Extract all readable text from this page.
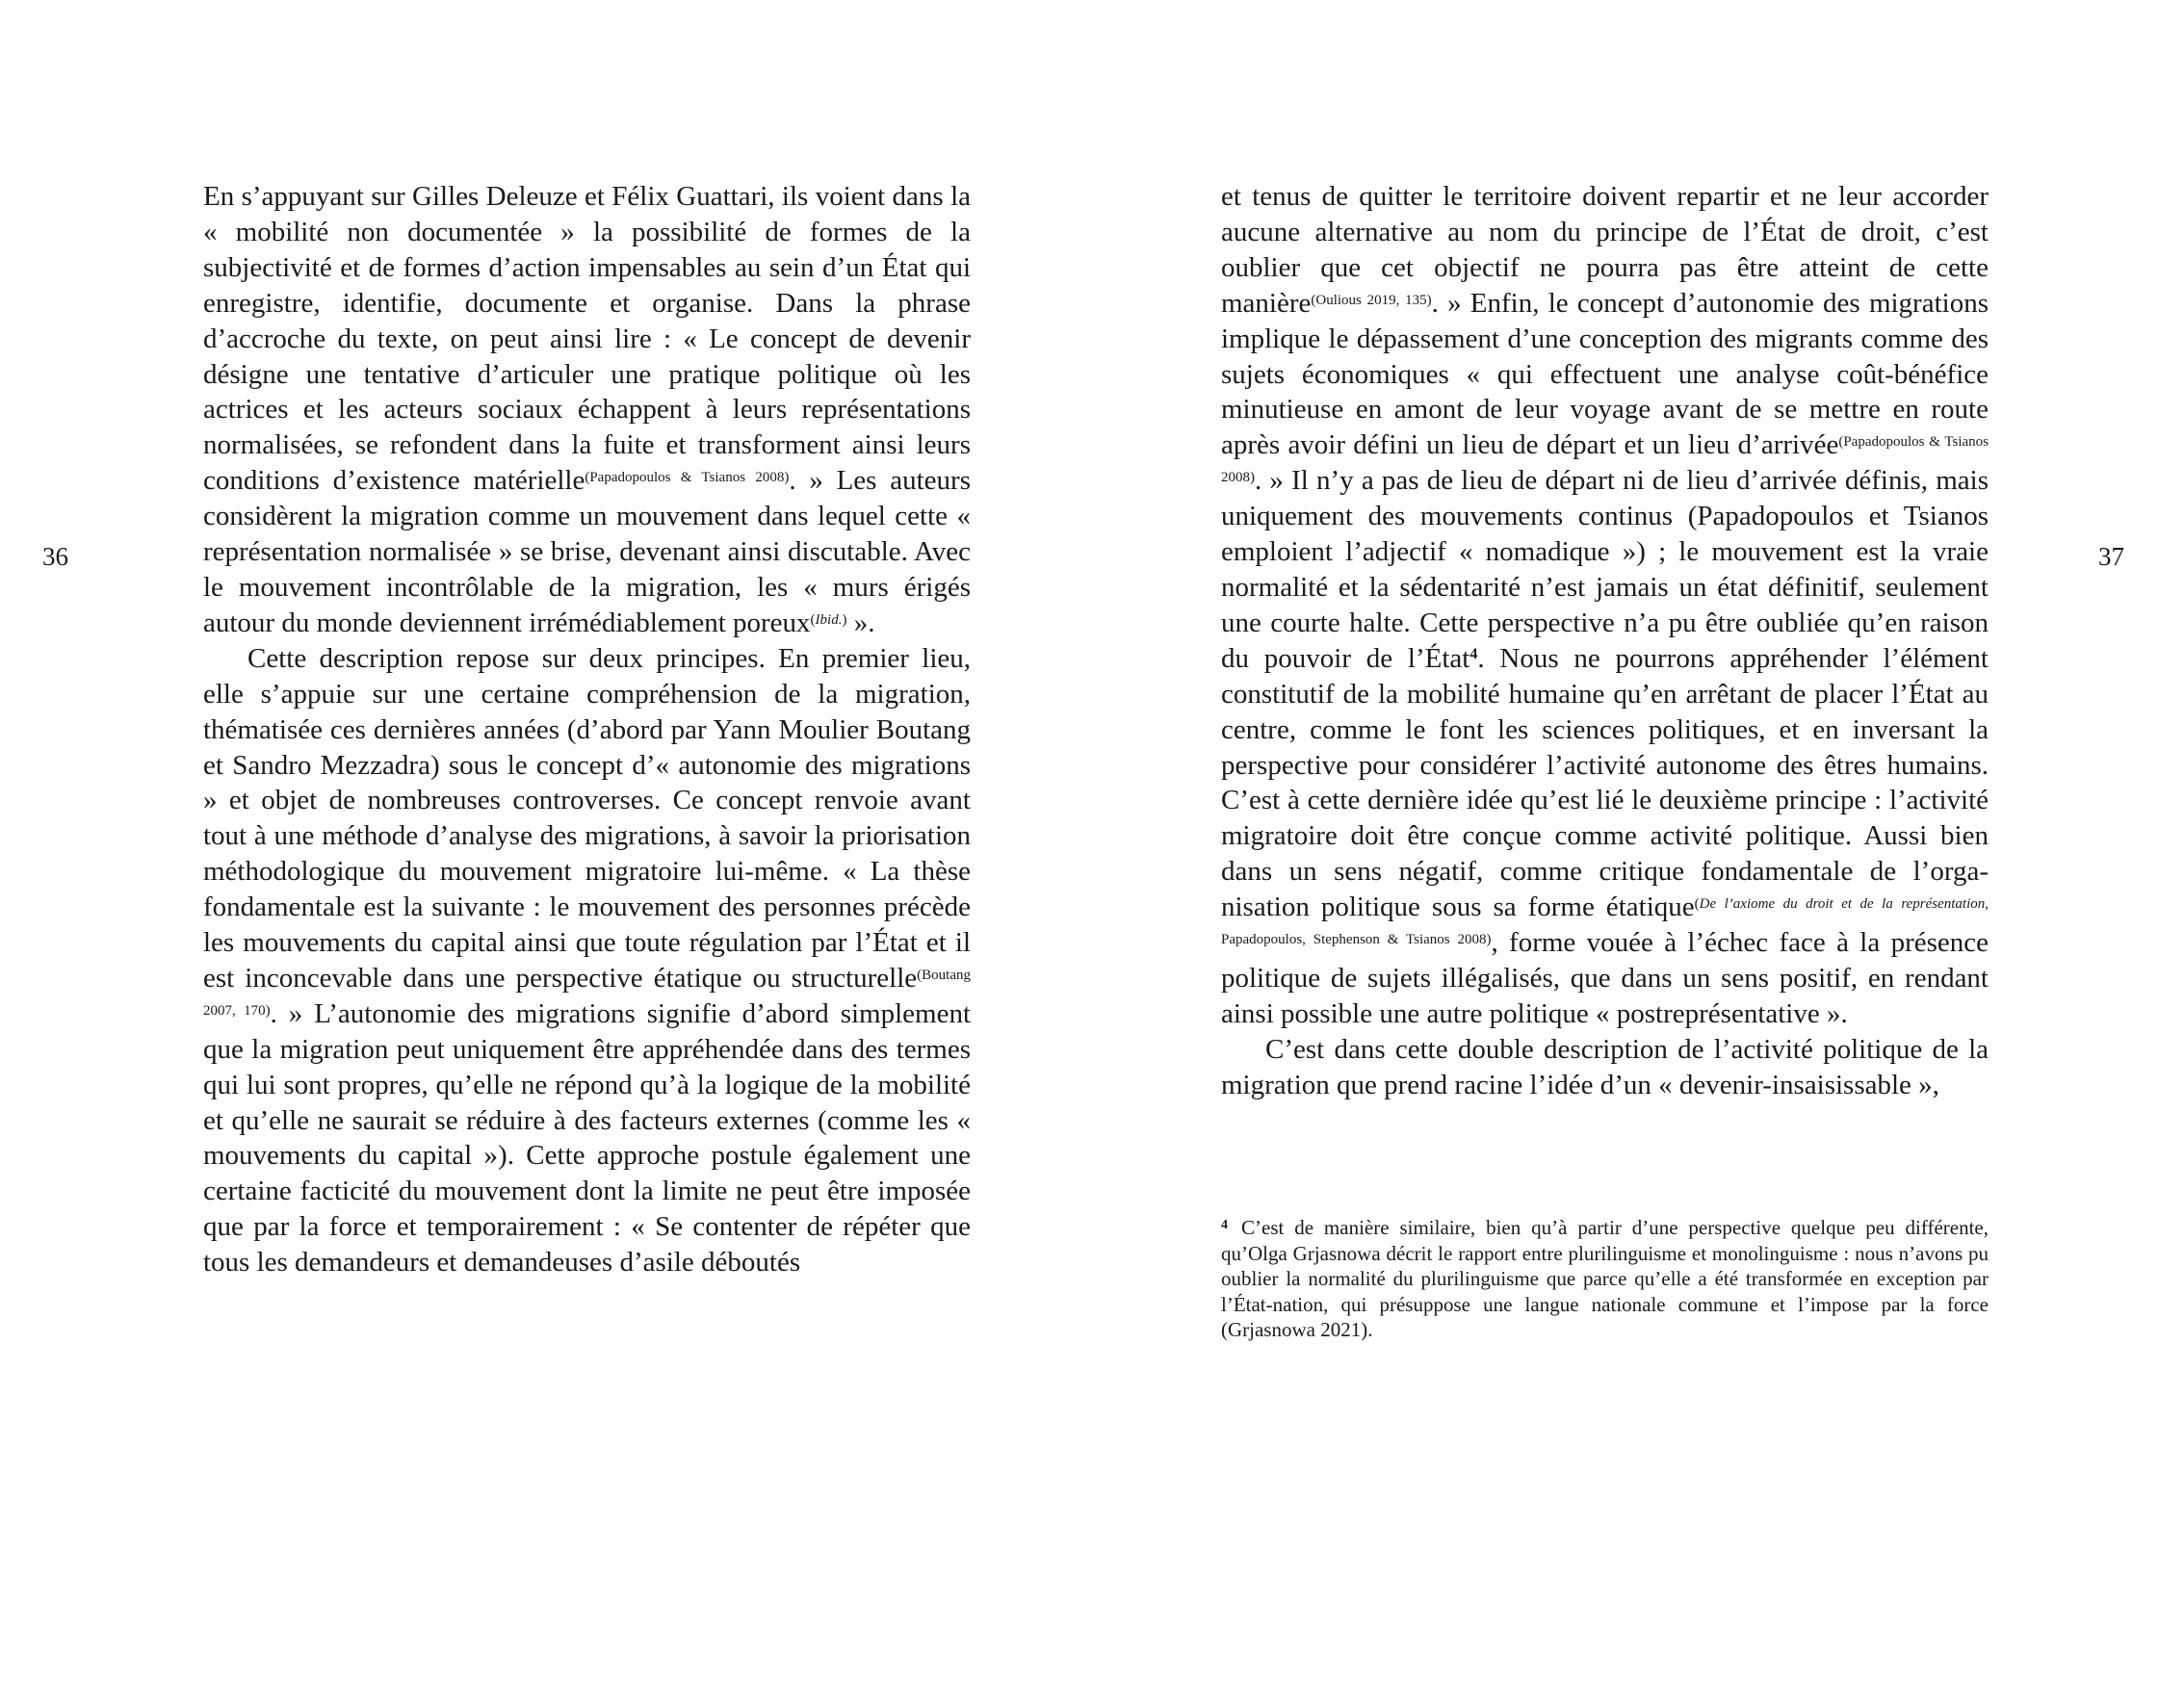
36	37

En s’appuyant sur Gilles Deleuze et Félix Guattari, ils voient dans la « mobilité non documentée » la possibilité de formes de la subjectivité et de formes d’action impensables au sein d’un État qui enregistre, identifie, documente et organise. Dans la phrase d’accroche du texte, on peut ainsi lire : « Le concept de devenir désigne une tentative d’articuler une pratique politique où les actrices et les acteurs sociaux échappent à leurs représentations normalisées, se refondent dans la fuite et transforment ainsi leurs conditions d’existence matérielle$^{(Papadopoulos \& Tsianos 2008)}$. » Les auteurs considèrent la migration comme un mouvement dans lequel cette « représentation normalisée » se brise, devenant ainsi discutable. Avec le mouvement incontrôlable de la migration, les « murs érigés autour du monde deviennent irrémédiablement poreux$^{(Ibid.)}$ ».

Cette description repose sur deux principes. En premier lieu, elle s’appuie sur une certaine compréhension de la migration, thématisée ces dernières années (d’abord par Yann Moulier Boutang et Sandro Mezzadra) sous le concept d’« autonomie des migrations » et objet de nombreuses controverses. Ce concept renvoie avant tout à une méthode d’analyse des migrations, à savoir la priorisation méthodologique du mouvement migratoire lui-même. « La thèse fondamentale est la suivante : le mouvement des personnes précède les mouvements du capital ainsi que toute régulation par l’État et il est inconcevable dans une perspective étatique ou structurelle$^{(Boutang 2007, 170)}$. » L’autonomie des migrations signifie d’abord simplement que la migration peut uniquement être appréhendée dans des termes qui lui sont propres, qu’elle ne répond qu’à la logique de la mobilité et qu’elle ne saurait se réduire à des facteurs externes (comme les « mouvements du capital »). Cette approche postule également une certaine facticité du mouvement dont la limite ne peut être imposée que par la force et temporairement : « Se contenter de répéter que tous les demandeurs et demandeuses d’asile déboutés

et tenus de quitter le territoire doivent repartir et ne leur accorder aucune alternative au nom du principe de l’État de droit, c’est oublier que cet objectif ne pourra pas être atteint de cette manière$^{(Oulious 2019, 135)}$. » Enfin, le concept d’autonomie des migrations implique le dépassement d’une conception des migrants comme des sujets économiques « qui effectuent une analyse coût-bénéfice minutieuse en amont de leur voyage avant de se mettre en route après avoir défini un lieu de départ et un lieu d’arrivée$^{(Papadopoulos \& Tsianos 2008)}$. » Il n’y a pas de lieu de départ ni de lieu d’arrivée définis, mais uniquement des mouvements continus (Papadopoulos et Tsianos emploient l’adjectif « nomadique ») ; le mouvement est la vraie normalité et la sédentarité n’est jamais un état définitif, seulement une courte halte. Cette perspective n’a pu être oubliée qu’en raison du pouvoir de l’État$^4$. Nous ne pourrons appréhender l’élément constitutif de la mobilité humaine qu’en arrêtant de placer l’État au centre, comme le font les sciences politiques, et en inversant la perspective pour considérer l’activité autonome des êtres humains. C’est à cette dernière idée qu’est lié le deuxième principe : l’activité migratoire doit être conçue comme activité politique. Aussi bien dans un sens négatif, comme critique fondamentale de l’organisation politique sous sa forme étatique$^{(De l’axiome du droit et de la représentation, Papadopoulos, Stephenson \& Tsianos 2008)}$, forme vouée à l’échec face à la présence politique de sujets illégalisés, que dans un sens positif, en rendant ainsi possible une autre politique « postreprésentative ».

C’est dans cette double description de l’activité politique de la migration que prend racine l’idée d’un « devenir-insaisissable »,

$^4$ C’est de manière similaire, bien qu’à partir d’une perspective quelque peu différente, qu’Olga Grjasnowa décrit le rapport entre plurilinguisme et monolinguisme : nous n’avons pu oublier la normalité du plurilinguisme que parce qu’elle a été transformée en exception par l’État-nation, qui présuppose une langue nationale commune et l’impose par la force (Grjasnowa 2021).
